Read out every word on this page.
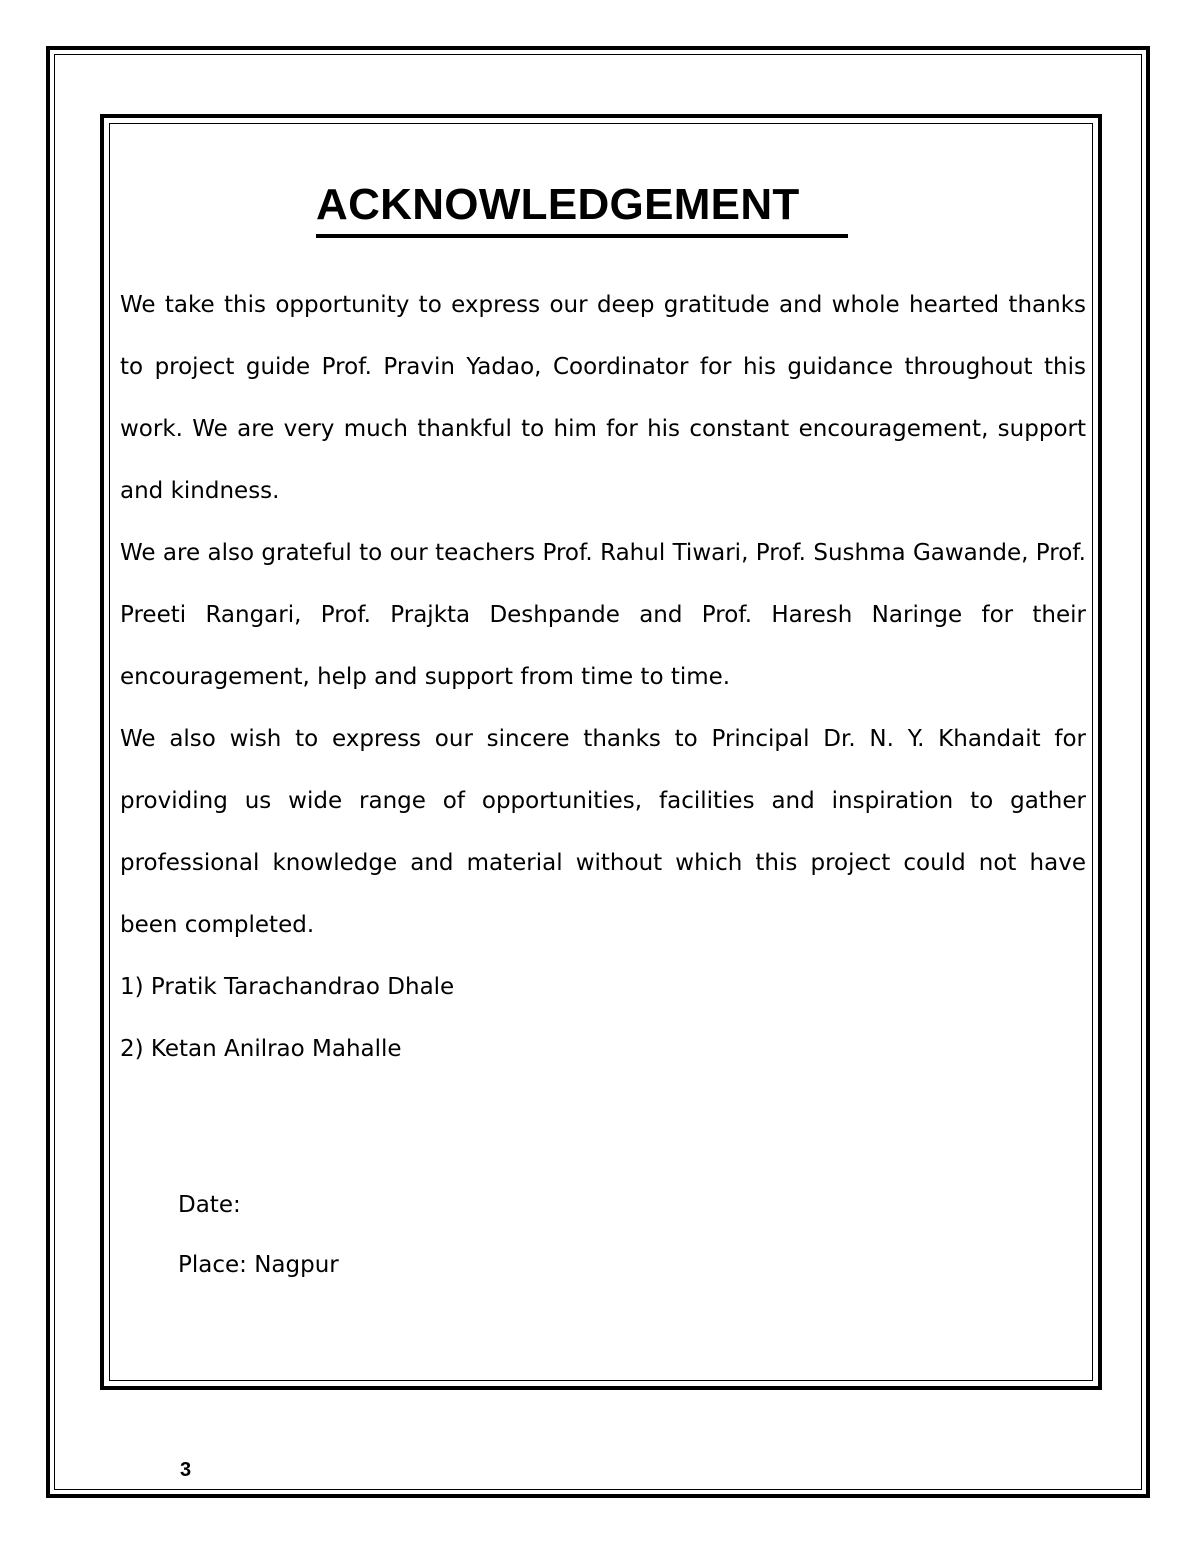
ACKNOWLEDGEMENT

We take this opportunity to express our deep gratitude and whole hearted thanks to project guide Prof. Pravin Yadao, Coordinator for his guidance throughout this work. We are very much thankful to him for his constant encouragement, support and kindness.

We are also grateful to our teachers Prof. Rahul Tiwari, Prof. Sushma Gawande, Prof. Preeti Rangari, Prof. Prajkta Deshpande and Prof. Haresh Naringe for their encouragement, help and support from time to time.

We also wish to express our sincere thanks to Principal Dr. N. Y. Khandait for providing us wide range of opportunities, facilities and inspiration to gather professional knowledge and material without which this project could not have been completed.

1) Pratik Tarachandrao Dhale

2) Ketan Anilrao Mahalle

Date:
Place: Nagpur
3
